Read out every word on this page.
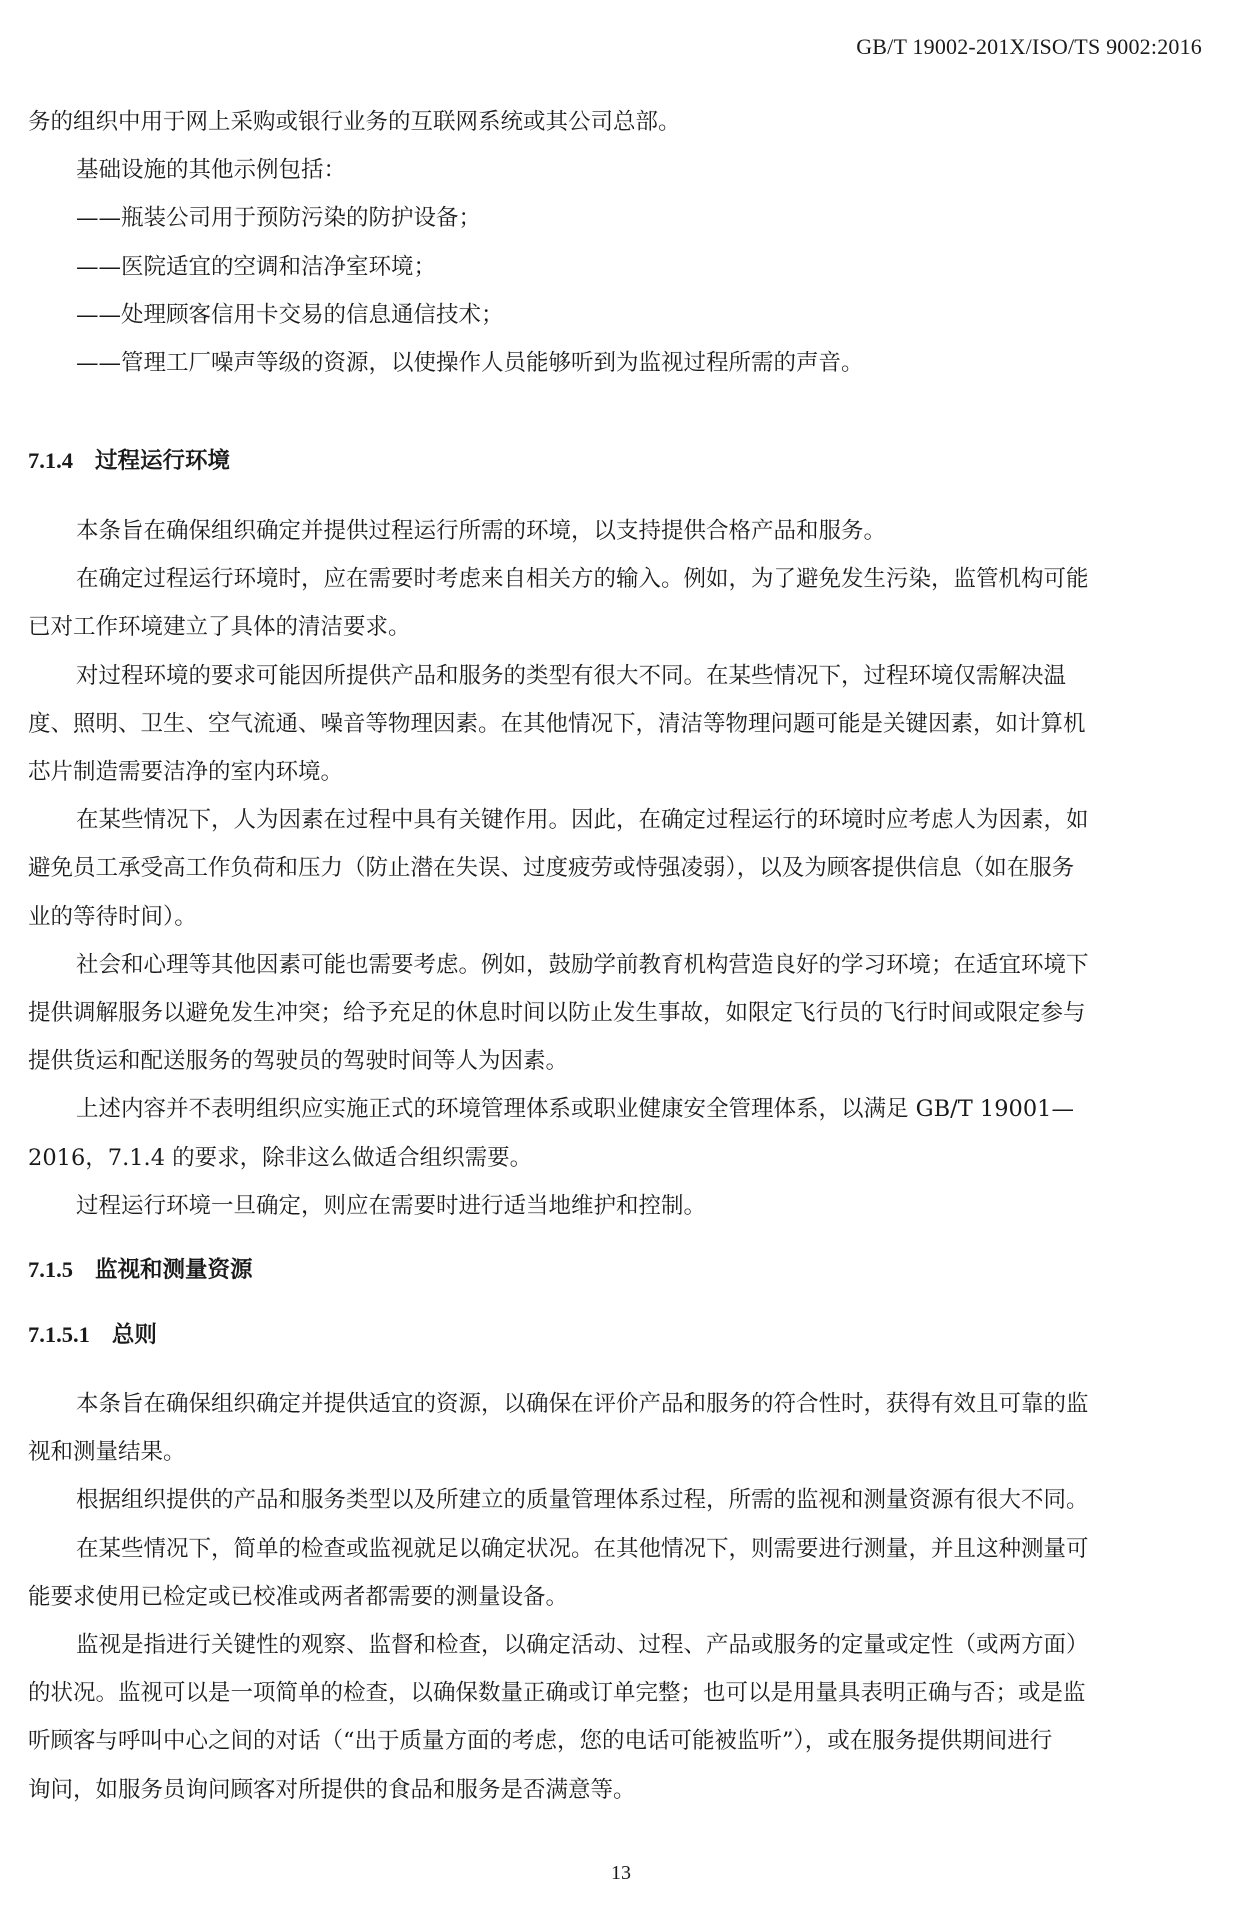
GB/T 19002-201X/ISO/TS 9002:2016
务的组织中用于网上采购或银行业务的互联网系统或其公司总部。
基础设施的其他示例包括：
——瓶装公司用于预防污染的防护设备；
——医院适宜的空调和洁净室环境；
——处理顾客信用卡交易的信息通信技术；
——管理工厂噪声等级的资源，以使操作人员能够听到为监视过程所需的声音。
7.1.4 过程运行环境
本条旨在确保组织确定并提供过程运行所需的环境，以支持提供合格产品和服务。
在确定过程运行环境时，应在需要时考虑来自相关方的输入。例如，为了避免发生污染，监管机构可能
已对工作环境建立了具体的清洁要求。
对过程环境的要求可能因所提供产品和服务的类型有很大不同。在某些情况下，过程环境仅需解决温
度、照明、卫生、空气流通、噪音等物理因素。在其他情况下，清洁等物理问题可能是关键因素，如计算机
芯片制造需要洁净的室内环境。
在某些情况下，人为因素在过程中具有关键作用。因此，在确定过程运行的环境时应考虑人为因素，如
避免员工承受高工作负荷和压力（防止潜在失误、过度疲劳或恃强凌弱），以及为顾客提供信息（如在服务
业的等待时间）。
社会和心理等其他因素可能也需要考虑。例如，鼓励学前教育机构营造良好的学习环境；在适宜环境下
提供调解服务以避免发生冲突；给予充足的休息时间以防止发生事故，如限定飞行员的飞行时间或限定参与
提供货运和配送服务的驾驶员的驾驶时间等人为因素。
上述内容并不表明组织应实施正式的环境管理体系或职业健康安全管理体系，以满足 GB/T 19001—
2016，7.1.4 的要求，除非这么做适合组织需要。
过程运行环境一旦确定，则应在需要时进行适当地维护和控制。
7.1.5 监视和测量资源
7.1.5.1 总则
本条旨在确保组织确定并提供适宜的资源，以确保在评价产品和服务的符合性时，获得有效且可靠的监
视和测量结果。
根据组织提供的产品和服务类型以及所建立的质量管理体系过程，所需的监视和测量资源有很大不同。
在某些情况下，简单的检查或监视就足以确定状况。在其他情况下，则需要进行测量，并且这种测量可
能要求使用已检定或已校准或两者都需要的测量设备。
监视是指进行关键性的观察、监督和检查，以确定活动、过程、产品或服务的定量或定性（或两方面）
的状况。监视可以是一项简单的检查，以确保数量正确或订单完整；也可以是用量具表明正确与否；或是监
听顾客与呼叫中心之间的对话（“出于质量方面的考虑，您的电话可能被监听”），或在服务提供期间进行
询问，如服务员询问顾客对所提供的食品和服务是否满意等。
13
